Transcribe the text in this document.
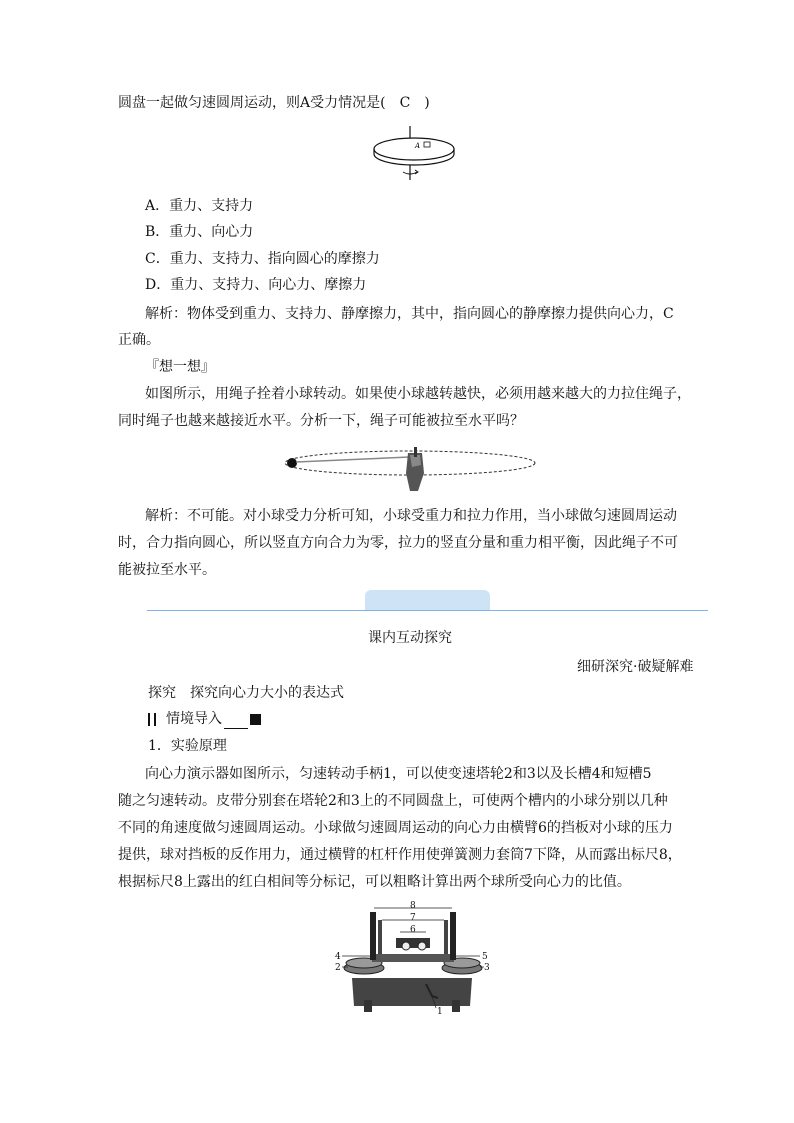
圆盘一起做匀速圆周运动，则A受力情况是(　C　)
A
A．重力、支持力
B．重力、向心力
C．重力、支持力、指向圆心的摩擦力
D．重力、支持力、向心力、摩擦力
解析：物体受到重力、支持力、静摩擦力，其中，指向圆心的静摩擦力提供向心力，C
正确。
『想一想』
如图所示，用绳子拴着小球转动。如果使小球越转越快，必须用越来越大的力拉住绳子，
同时绳子也越来越接近水平。分析一下，绳子可能被拉至水平吗？
解析：不可能。对小球受力分析可知，小球受重力和拉力作用，当小球做匀速圆周运动
时，合力指向圆心，所以竖直方向合力为零，拉力的竖直分量和重力相平衡，因此绳子不可
能被拉至水平。
课内互动探究
细研深究·破疑解难
探究　探究向心力大小的表达式
情境导入
1．实验原理
向心力演示器如图所示，匀速转动手柄1，可以使变速塔轮2和3以及长槽4和短槽5
随之匀速转动。皮带分别套在塔轮2和3上的不同圆盘上，可使两个槽内的小球分别以几种
不同的角速度做匀速圆周运动。小球做匀速圆周运动的向心力由横臂6的挡板对小球的压力
提供，球对挡板的反作用力，通过横臂的杠杆作用使弹簧测力套筒7下降，从而露出标尺8，
根据标尺8上露出的红白相间等分标记，可以粗略计算出两个球所受向心力的比值。
8
7
6
4
2
5
3
1
